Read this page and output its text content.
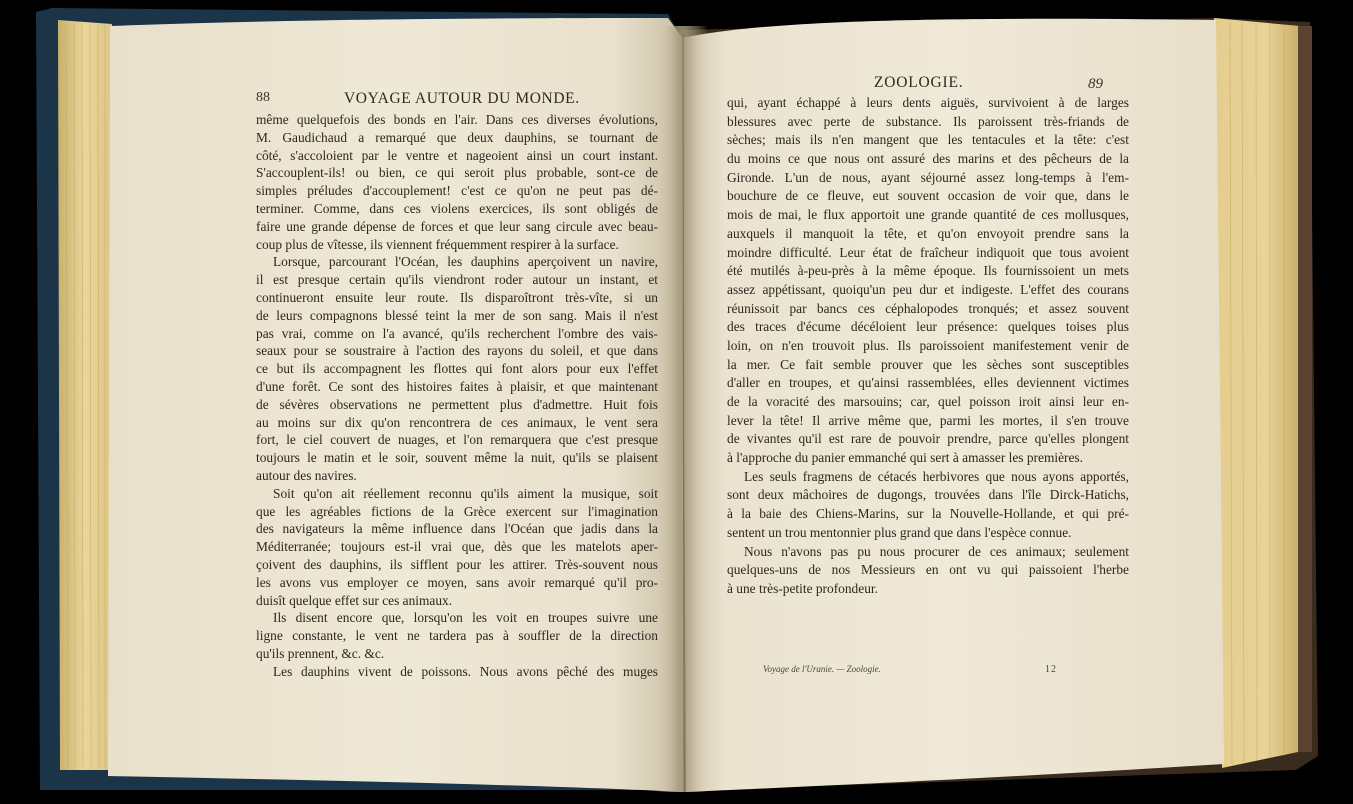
88	VOYAGE AUTOUR DU MONDE.
même quelquefois des bonds en l'air. Dans ces diverses évolutions,
M. Gaudichaud a remarqué que deux dauphins, se tournant de
côté, s'accoloient par le ventre et nageoient ainsi un court instant.
S'accouplent-ils! ou bien, ce qui seroit plus probable, sont-ce de
simples préludes d'accouplement! c'est ce qu'on ne peut pas dé-
terminer. Comme, dans ces violens exercices, ils sont obligés de
faire une grande dépense de forces et que leur sang circule avec beau-
coup plus de vîtesse, ils viennent fréquemment respirer à la surface.
Lorsque, parcourant l'Océan, les dauphins aperçoivent un navire,
il est presque certain qu'ils viendront roder autour un instant, et
continueront ensuite leur route. Ils disparoîtront très-vîte, si un
de leurs compagnons blessé teint la mer de son sang. Mais il n'est
pas vrai, comme on l'a avancé, qu'ils recherchent l'ombre des vais-
seaux pour se soustraire à l'action des rayons du soleil, et que dans
ce but ils accompagnent les flottes qui font alors pour eux l'effet
d'une forêt. Ce sont des histoires faites à plaisir, et que maintenant
de sévères observations ne permettent plus d'admettre. Huit fois
au moins sur dix qu'on rencontrera de ces animaux, le vent sera
fort, le ciel couvert de nuages, et l'on remarquera que c'est presque
toujours le matin et le soir, souvent même la nuit, qu'ils se plaisent
autour des navires.
Soit qu'on ait réellement reconnu qu'ils aiment la musique, soit
que les agréables fictions de la Grèce exercent sur l'imagination
des navigateurs la même influence dans l'Océan que jadis dans la
Méditerranée; toujours est-il vrai que, dès que les matelots aper-
çoivent des dauphins, ils sifflent pour les attirer. Très-souvent nous
les avons vus employer ce moyen, sans avoir remarqué qu'il pro-
duisît quelque effet sur ces animaux.
Ils disent encore que, lorsqu'on les voit en troupes suivre une
ligne constante, le vent ne tardera pas à souffler de la direction
qu'ils prennent, &c. &c.
Les dauphins vivent de poissons. Nous avons pêché des muges
ZOOLOGIE.	89
qui, ayant échappé à leurs dents aiguës, survivoient à de larges
blessures avec perte de substance. Ils paroissent très-friands de
sèches; mais ils n'en mangent que les tentacules et la tête: c'est
du moins ce que nous ont assuré des marins et des pêcheurs de la
Gironde. L'un de nous, ayant séjourné assez long-temps à l'em-
bouchure de ce fleuve, eut souvent occasion de voir que, dans le
mois de mai, le flux apportoit une grande quantité de ces mollusques,
auxquels il manquoit la tête, et qu'on envoyoit prendre sans la
moindre difficulté. Leur état de fraîcheur indiquoit que tous avoient
été mutilés à-peu-près à la même époque. Ils fournissoient un mets
assez appétissant, quoiqu'un peu dur et indigeste. L'effet des courans
réunissoit par bancs ces céphalopodes tronqués; et assez souvent
des traces d'écume décéloient leur présence: quelques toises plus
loin, on n'en trouvoit plus. Ils paroissoient manifestement venir de
la mer. Ce fait semble prouver que les sèches sont susceptibles
d'aller en troupes, et qu'ainsi rassemblées, elles deviennent victimes
de la voracité des marsouins; car, quel poisson iroit ainsi leur en-
lever la tête! Il arrive même que, parmi les mortes, il s'en trouve
de vivantes qu'il est rare de pouvoir prendre, parce qu'elles plongent
à l'approche du panier emmanché qui sert à amasser les premières.
Les seuls fragmens de cétacés herbivores que nous ayons apportés,
sont deux mâchoires de dugongs, trouvées dans l'île Dirck-Hatichs,
à la baie des Chiens-Marins, sur la Nouvelle-Hollande, et qui pré-
sentent un trou mentonnier plus grand que dans l'espèce connue.
Nous n'avons pas pu nous procurer de ces animaux; seulement
quelques-uns de nos Messieurs en ont vu qui paissoient l'herbe
à une très-petite profondeur.
Voyage de l'Uranie. — Zoologie.	12
